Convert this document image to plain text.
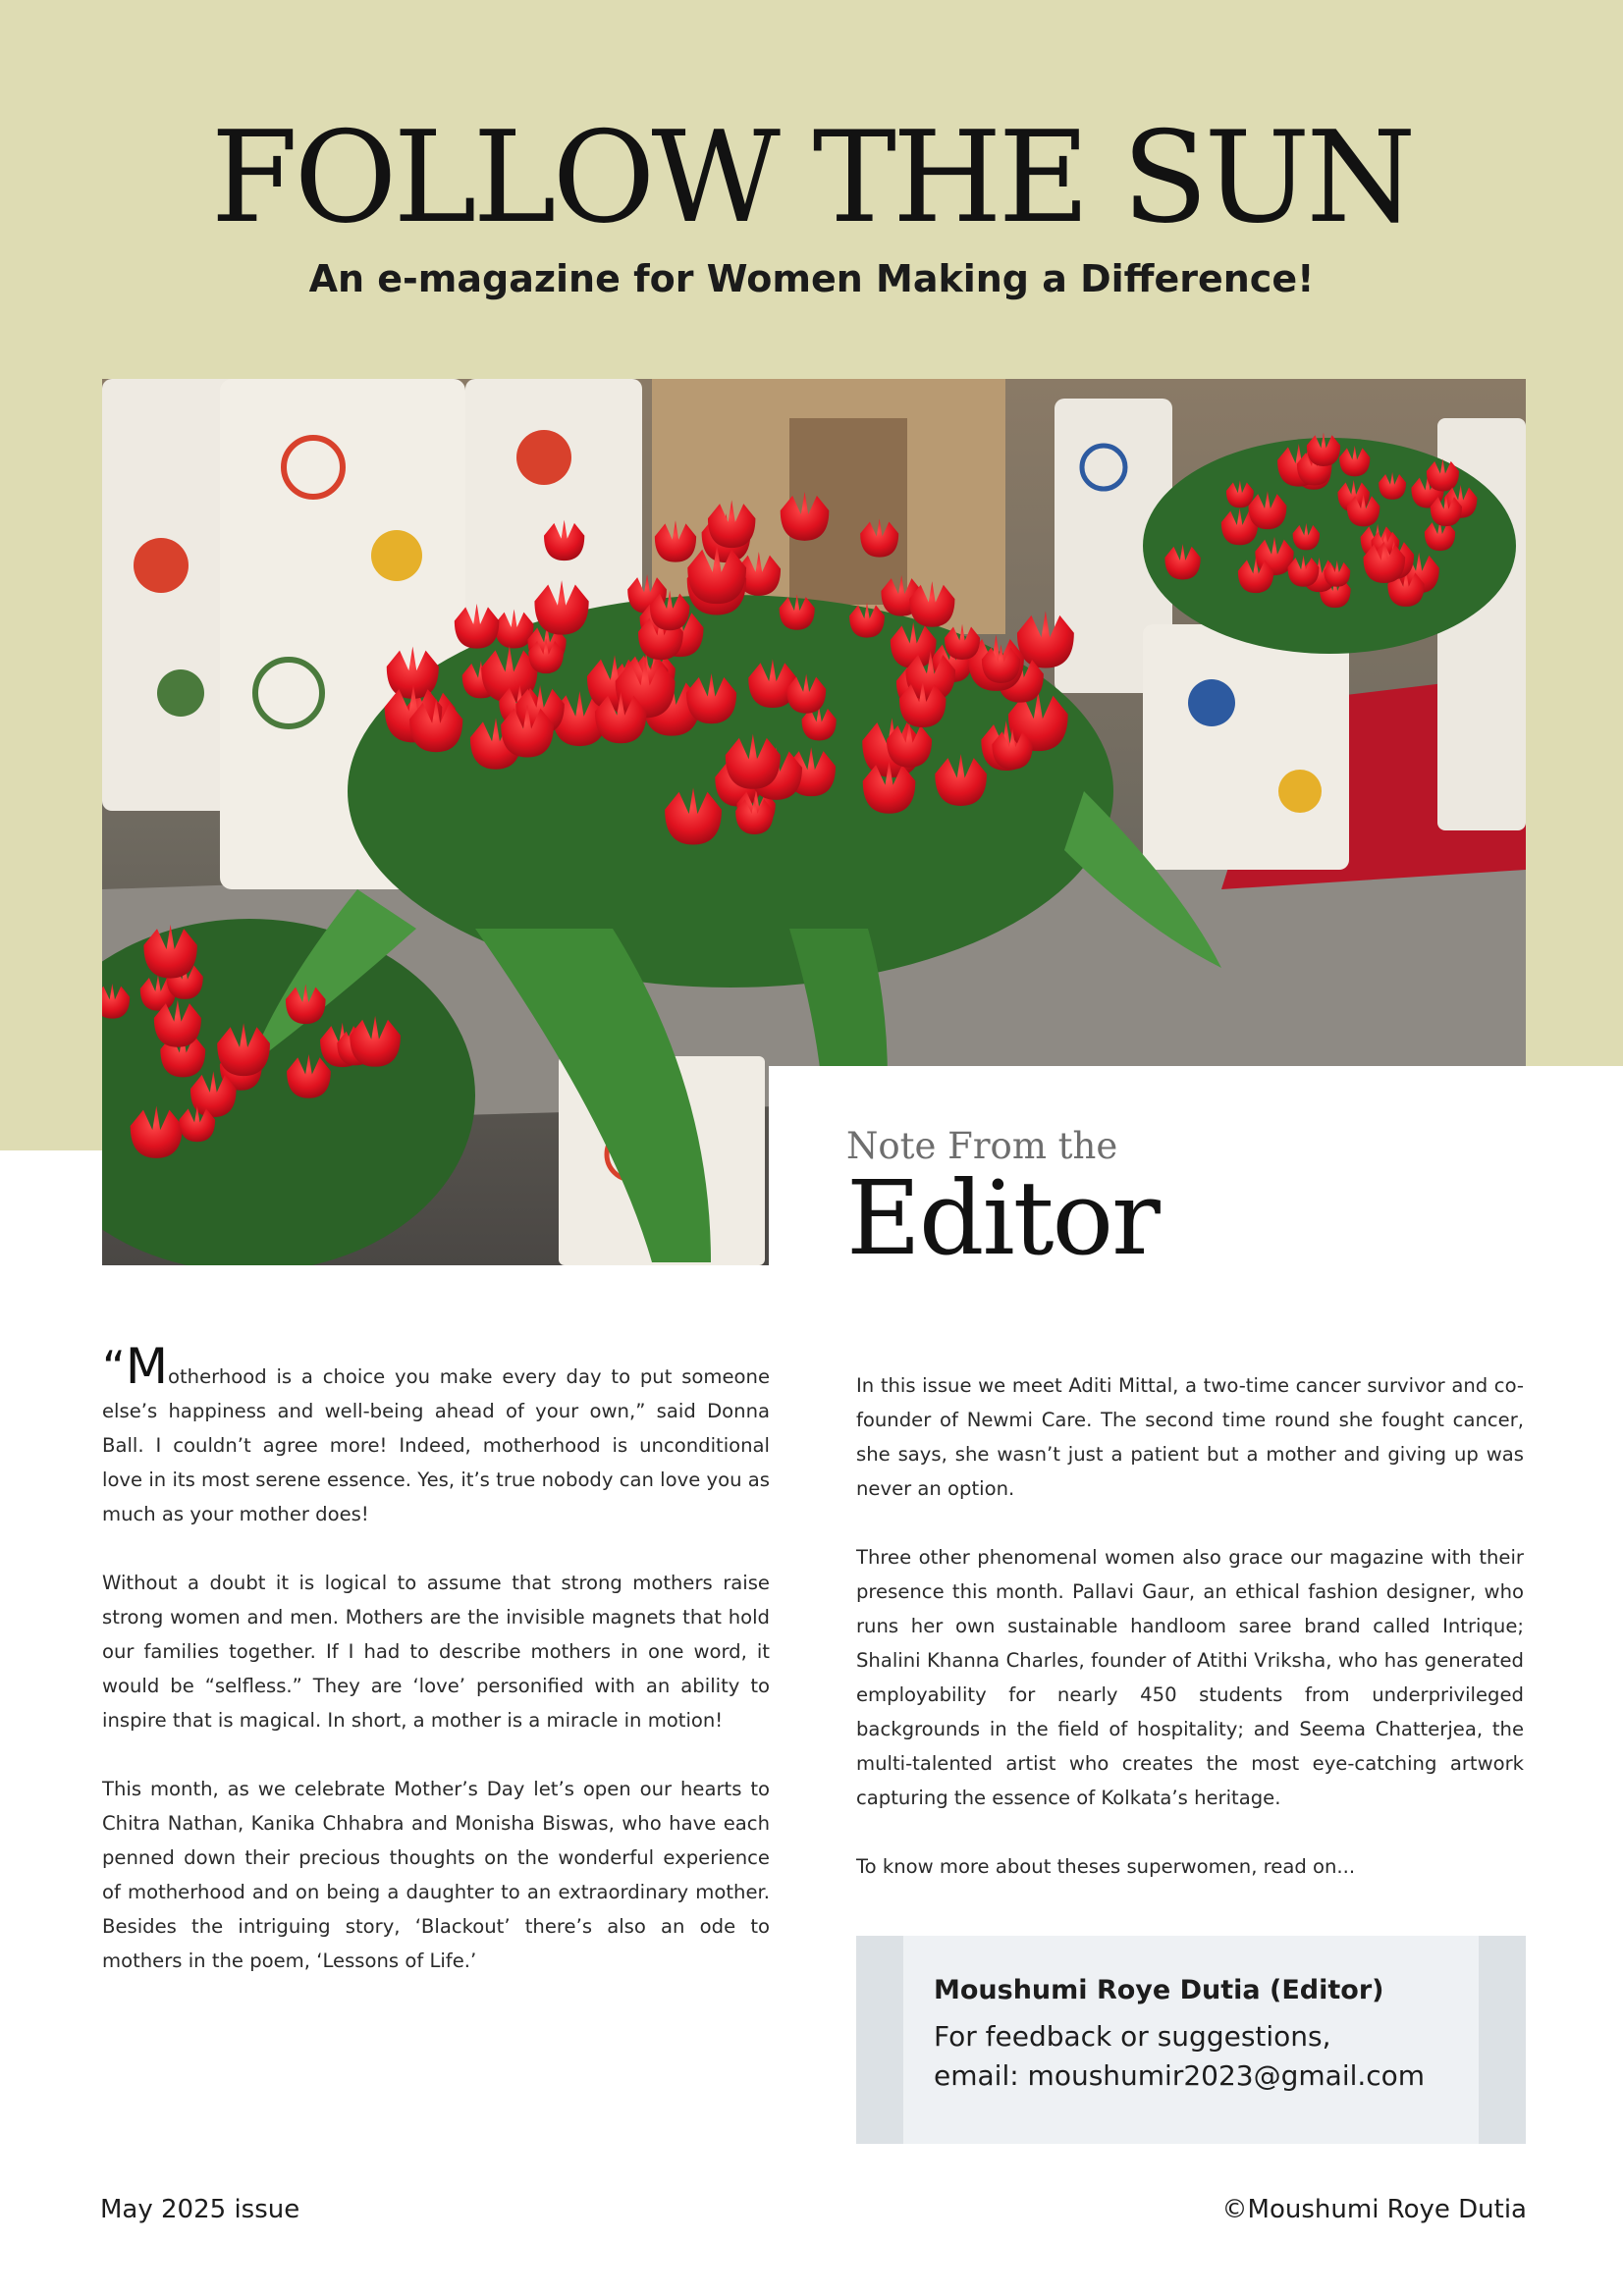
FOLLOW THE SUN

An e-magazine for Women Making a Difference!

Note From the
Editor

“Motherhood is a choice you make every day to put someone else’s happiness and well-being ahead of your own,” said Donna Ball. I couldn’t agree more! Indeed, motherhood is unconditional love in its most serene essence. Yes, it’s true nobody can love you as much as your mother does!

Without a doubt it is logical to assume that strong mothers raise strong women and men. Mothers are the invisible magnets that hold our families together. If I had to describe mothers in one word, it would be “selfless.” They are ‘love’ personified with an ability to inspire that is magical. In short, a mother is a miracle in motion!

This month, as we celebrate Mother’s Day let’s open our hearts to Chitra Nathan, Kanika Chhabra and Monisha Biswas, who have each penned down their precious thoughts on the wonderful experience of motherhood and on being a daughter to an extraordinary mother. Besides the intriguing story, ‘Blackout’ there’s also an ode to mothers in the poem, ‘Lessons of Life.’

In this issue we meet Aditi Mittal, a two-time cancer survivor and co-founder of Newmi Care. The second time round she fought cancer, she says, she wasn’t just a patient but a mother and giving up was never an option.

Three other phenomenal women also grace our magazine with their presence this month. Pallavi Gaur, an ethical fashion designer, who runs her own sustainable handloom saree brand called Intrique; Shalini Khanna Charles, founder of Atithi Vriksha, who has generated employability for nearly 450 students from underprivileged backgrounds in the field of hospitality; and Seema Chatterjea, the multi-talented artist who creates the most eye-catching artwork capturing the essence of Kolkata’s heritage.

To know more about theses superwomen, read on...

Moushumi Roye Dutia (Editor)

For feedback or suggestions,

email: moushumir2023@gmail.com

May 2025 issue	©Moushumi Roye Dutia
